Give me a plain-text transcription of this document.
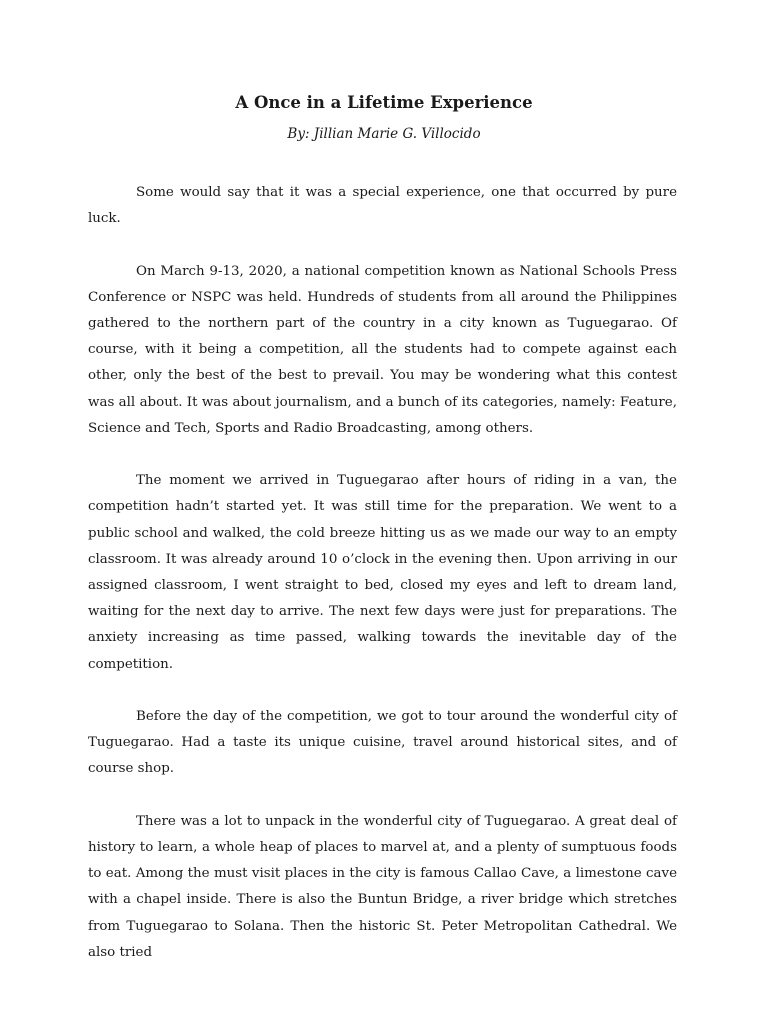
A Once in a Lifetime Experience

By: Jillian Marie G. Villocido

Some would say that it was a special experience, one that occurred by pure luck.

On March 9-13, 2020, a national competition known as National Schools Press Conference or NSPC was held. Hundreds of students from all around the Philippines gathered to the northern part of the country in a city known as Tuguegarao. Of course, with it being a competition, all the students had to compete against each other, only the best of the best to prevail. You may be wondering what this contest was all about. It was about journalism, and a bunch of its categories, namely: Feature, Science and Tech, Sports and Radio Broadcasting, among others.

The moment we arrived in Tuguegarao after hours of riding in a van, the competition hadn’t started yet. It was still time for the preparation. We went to a public school and walked, the cold breeze hitting us as we made our way to an empty classroom. It was already around 10 o’clock in the evening then. Upon arriving in our assigned classroom, I went straight to bed, closed my eyes and left to dream land, waiting for the next day to arrive. The next few days were just for preparations. The anxiety increasing as time passed, walking towards the inevitable day of the competition.

Before the day of the competition, we got to tour around the wonderful city of Tuguegarao. Had a taste its unique cuisine, travel around historical sites, and of course shop.

There was a lot to unpack in the wonderful city of Tuguegarao. A great deal of history to learn, a whole heap of places to marvel at, and a plenty of sumptuous foods to eat. Among the must visit places in the city is famous Callao Cave, a limestone cave with a chapel inside. There is also the Buntun Bridge, a river bridge which stretches from Tuguegarao to Solana. Then the historic St. Peter Metropolitan Cathedral. We also tried
